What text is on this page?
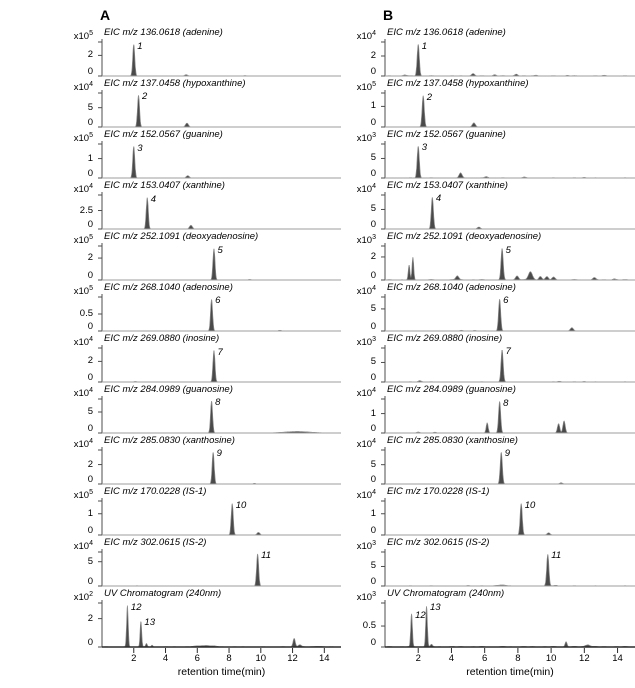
A
$x10^5$
2
0
EIC m/z 136.0618 (adenine)
1
$x10^4$
5
0
EIC m/z 137.0458 (hypoxanthine)
2
$x10^5$
1
0
EIC m/z 152.0567 (guanine)
3
$x10^4$
2.5
0
EIC m/z 153.0407 (xanthine)
4
$x10^5$
2
0
EIC m/z 252.1091 (deoxyadenosine)
5
$x10^5$
0.5
0
EIC m/z 268.1040 (adenosine)
6
$x10^4$
2
0
EIC m/z 269.0880 (inosine)
7
$x10^4$
5
0
EIC m/z 284.0989 (guanosine)
8
$x10^4$
2
0
EIC m/z 285.0830 (xanthosine)
9
$x10^5$
1
0
EIC m/z 170.0228 (IS-1)
10
$x10^4$
5
0
EIC m/z 302.0615 (IS-2)
11
$x10^2$
2
0
UV Chromatogram (240nm)
12
13
2	4	6	8	10	12	14
retention time(min)
B
$x10^4$
2
0
EIC m/z 136.0618 (adenine)
1
$x10^5$
1
0
EIC m/z 137.0458 (hypoxanthine)
2
$x10^3$
5
0
EIC m/z 152.0567 (guanine)
3
$x10^4$
5
0
EIC m/z 153.0407 (xanthine)
4
$x10^3$
2
0
EIC m/z 252.1091 (deoxyadenosine)
5
$x10^4$
5
0
EIC m/z 268.1040 (adenosine)
6
$x10^3$
5
0
EIC m/z 269.0880 (inosine)
7
$x10^4$
1
0
EIC m/z 284.0989 (guanosine)
8
$x10^4$
5
0
EIC m/z 285.0830 (xanthosine)
9
$x10^4$
1
0
EIC m/z 170.0228 (IS-1)
10
$x10^3$
5
0
EIC m/z 302.0615 (IS-2)
11
$x10^3$
0.5
0
UV Chromatogram (240nm)
12
13
2	4	6	8	10	12	14
retention time(min)
